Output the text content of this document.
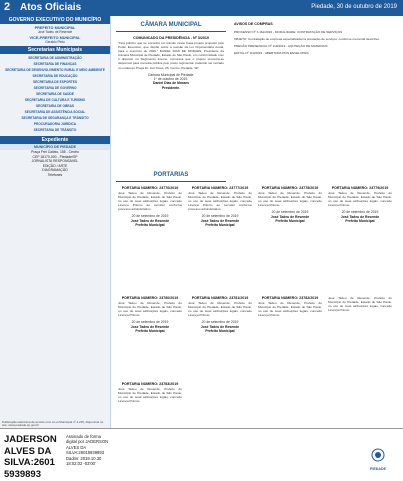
2 Atos Oficiais	Piedade, 30 de outubro de 2019
GOVERNO EXECUTIVO DO MUNICÍPIO
PREFEITO MUNICIPAL
José Tadeu de Resende
VICE-PREFEITO MUNICIPAL
Geraldo Pinto
Secretarias Municipais
SECRETARIA DE ADMINISTRAÇÃO
SECRETARIA DE FINANÇAS
SECRETARIA DE DESENVOLVIMENTO RURAL E MEIO AMBIENTE
SECRETARIA DE EDUCAÇÃO
SECRETARIA DE ESPORTES
SECRETARIA DE GOVERNO
SECRETARIA DE SAÚDE
SECRETARIA DE CULTURA E TURISMO
SECRETARIA DE OBRAS
SECRETARIA DE ASSISTÊNCIA SOCIAL
SECRETARIA DE SEGURANÇA E TRÂNSITO
PROCURADORIA JURÍDICA
SECRETARIA DE TRÂNSITO
Expediente
MUNICÍPIO DE PIEDADE
Praça Frei Calixto, 155 - Centro
CEP 18170-000 - Piedade/SP
JORNALISTA RESPONSÁVEL
EDIÇÃO / ARTE
DIAGRAMAÇÃO
Telefones
Publicação eletrônica de acordo com a Lei Municipal nº 4.215, disponível no site: www.piedade.sp.gov.br
CÂMARA MUNICIPAL
COMUNICADO DA PRESIDÊNCIA - Nº 3/2019
"Fica público que se encontra em trâmite nesta Casa projeto proposto pelo Poder Executivo, que dispõe sobre a revisão da Lei Orçamentária Anual, para o exercício de 2020." DANIEL DIAS DE MORAES, Presidente da Câmara Municipal de Piedade, Estado de São Paulo, em conformidade com o disposto no Regimento Interno, comunica que o projeto encontra-se disponível para consulta pública pelo prazo regimental, podendo ser retirado no endereço Praça Dr. Luiz Ross, 25, Centro, Piedade, SP.
Câmara Municipal de Piedade,
1º de outubro de 2019.
Daniel Dias de Moraes
Presidente.
AVISOS DE COMPRAS
PROCESSO Nº 3.162/2019 - MODALIDADE: CONTRATAÇÃO DE SERVIÇOS
OBJETO: Contratação de empresa especializada na prestação de serviços, conforme memorial descritivo.
PREGÃO PRESENCIAL Nº 110/2019 - AQUISIÇÃO DE MATERIAIS
EDITAL Nº 110/2019 - ABERTURA DOS ENVELOPES
PORTARIAS
PORTARIA NÚMERO: 23776/2019
José Tadeu de Resende, Prefeito do Município de Piedade, Estado de São Paulo, no uso de suas atribuições legais, concede Licença Prêmio ao servidor conforme processo administrativo.
20 de setembro de 2019
José Tadeu de Resende
Prefeito Municipal
PORTARIA NÚMERO: 23777/2019
José Tadeu de Resende, Prefeito do Município de Piedade, Estado de São Paulo, no uso de suas atribuições legais, concede Licença Prêmio ao servidor conforme processo administrativo.
20 de setembro de 2019
José Tadeu de Resende
Prefeito Municipal
PORTARIA NÚMERO: 23778/2019
José Tadeu de Resende, Prefeito do Município de Piedade, Estado de São Paulo, no uso de suas atribuições legais, concede Licença Prêmio.
20 de setembro de 2019
José Tadeu de Resende
Prefeito Municipal
PORTARIA NÚMERO: 23779/2019
José Tadeu de Resende, Prefeito do Município de Piedade, Estado de São Paulo, no uso de suas atribuições legais, concede Licença Prêmio.
20 de setembro de 2019
José Tadeu de Resende
Prefeito Municipal
PORTARIA NÚMERO: 23780/2019
José Tadeu de Resende, Prefeito do Município de Piedade, Estado de São Paulo, no uso de suas atribuições legais, concede Licença Prêmio.
20 de setembro de 2019
José Tadeu de Resende
Prefeito Municipal
PORTARIA NÚMERO: 23781/2019
José Tadeu de Resende, Prefeito do Município de Piedade, Estado de São Paulo, no uso de suas atribuições legais, concede Licença Prêmio.
20 de setembro de 2019
José Tadeu de Resende
Prefeito Municipal
PORTARIA NÚMERO: 23782/2019
José Tadeu de Resende, Prefeito do Município de Piedade, Estado de São Paulo, no uso de suas atribuições legais, concede Licença Prêmio.
José Tadeu de Resende, Prefeito do Município de Piedade, Estado de São Paulo, no uso de suas atribuições legais, concede Licença Prêmio.
PORTARIA NÚMERO: 23783/2019
José Tadeu de Resende, Prefeito do Município de Piedade, Estado de São Paulo, no uso de suas atribuições legais, concede Licença Prêmio.
JADERSON
ALVES DA
SILVA:2601
5939893
Assinado de forma digital por JADERSON ALVES DA SILVA:26015939893 Dados: 2019.10.30 18:02:02 -03'00'
PIEDADE
